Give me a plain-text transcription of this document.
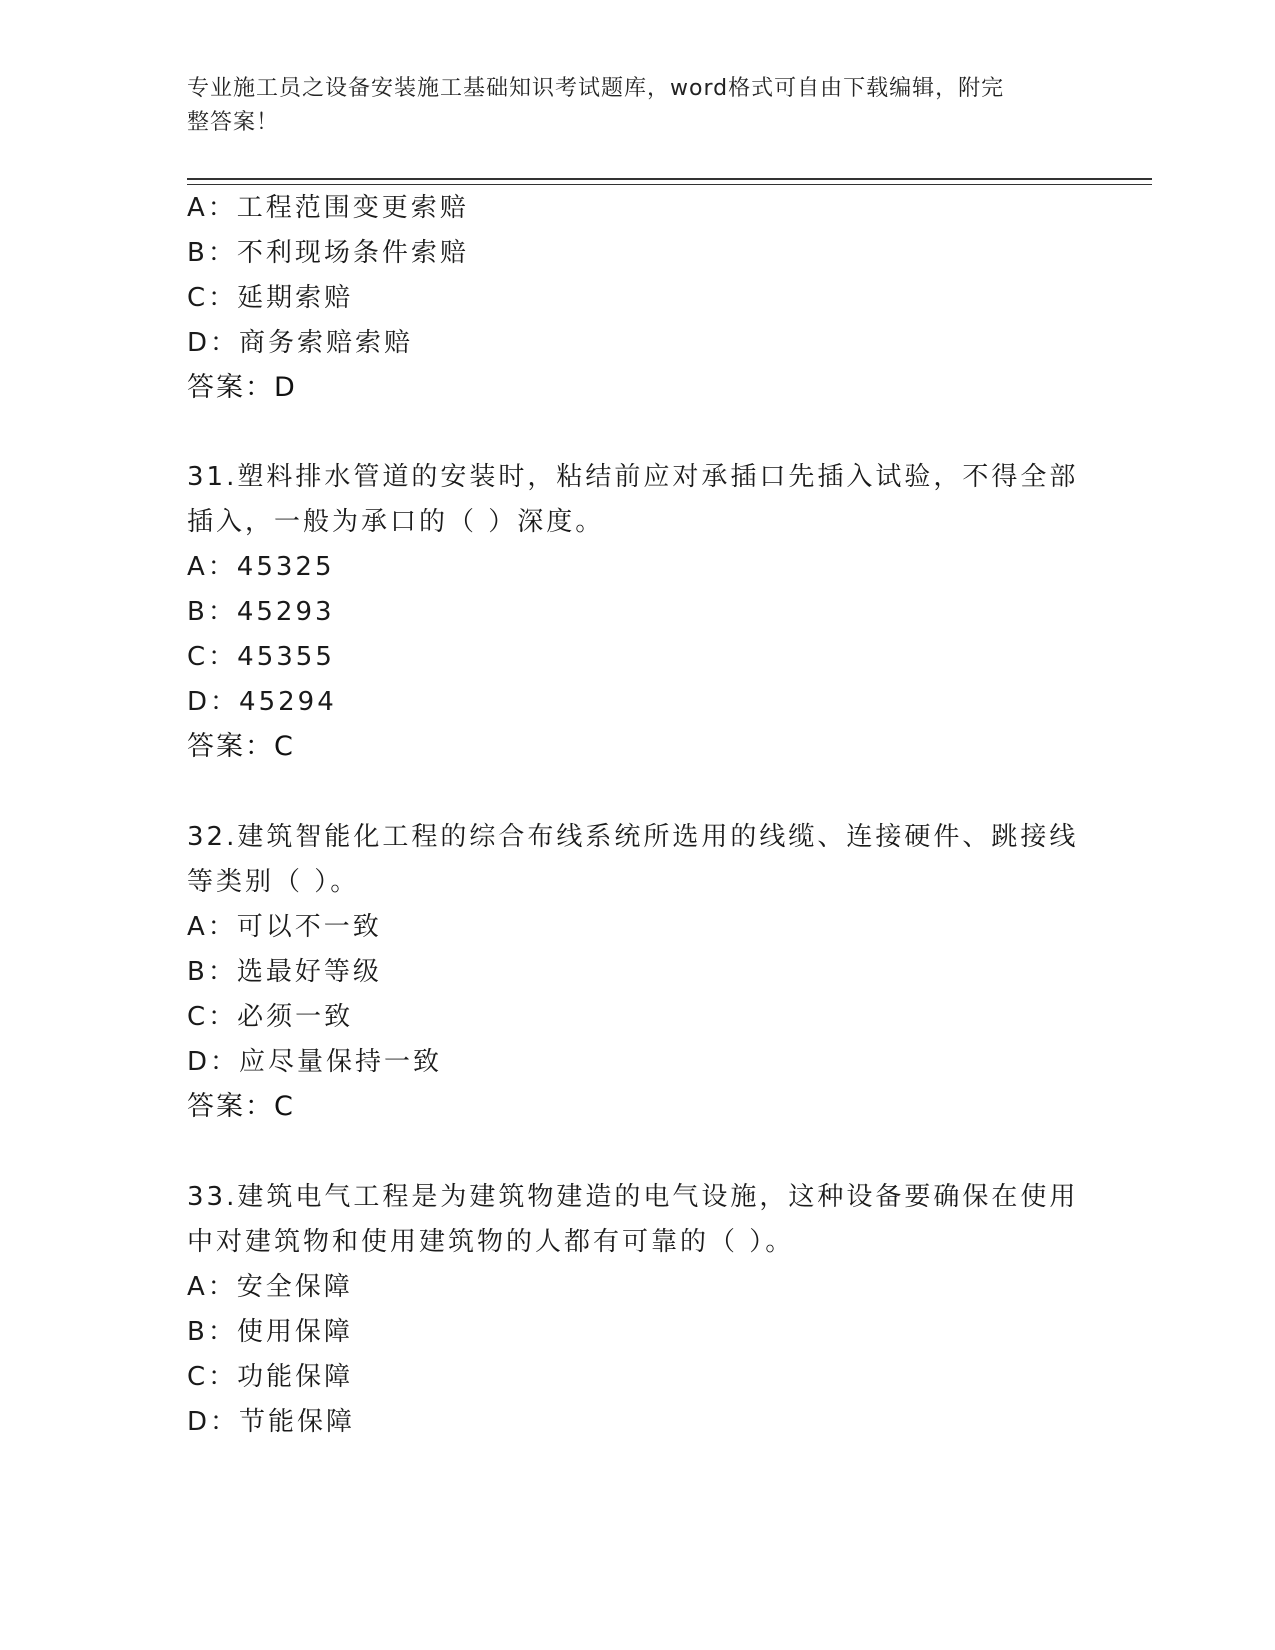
专业施工员之设备安装施工基础知识考试题库，word格式可自由下载编辑，附完
整答案！
A：工程范围变更索赔
B：不利现场条件索赔
C：延期索赔
D：商务索赔索赔
答案：D
31.塑料排水管道的安装时，粘结前应对承插口先插入试验，不得全部
插入，一般为承口的（ ）深度。
A：45325
B：45293
C：45355
D：45294
答案：C
32.建筑智能化工程的综合布线系统所选用的线缆、连接硬件、跳接线
等类别（ ）。
A：可以不一致
B：选最好等级
C：必须一致
D：应尽量保持一致
答案：C
33.建筑电气工程是为建筑物建造的电气设施，这种设备要确保在使用
中对建筑物和使用建筑物的人都有可靠的（ ）。
A：安全保障
B：使用保障
C：功能保障
D：节能保障
